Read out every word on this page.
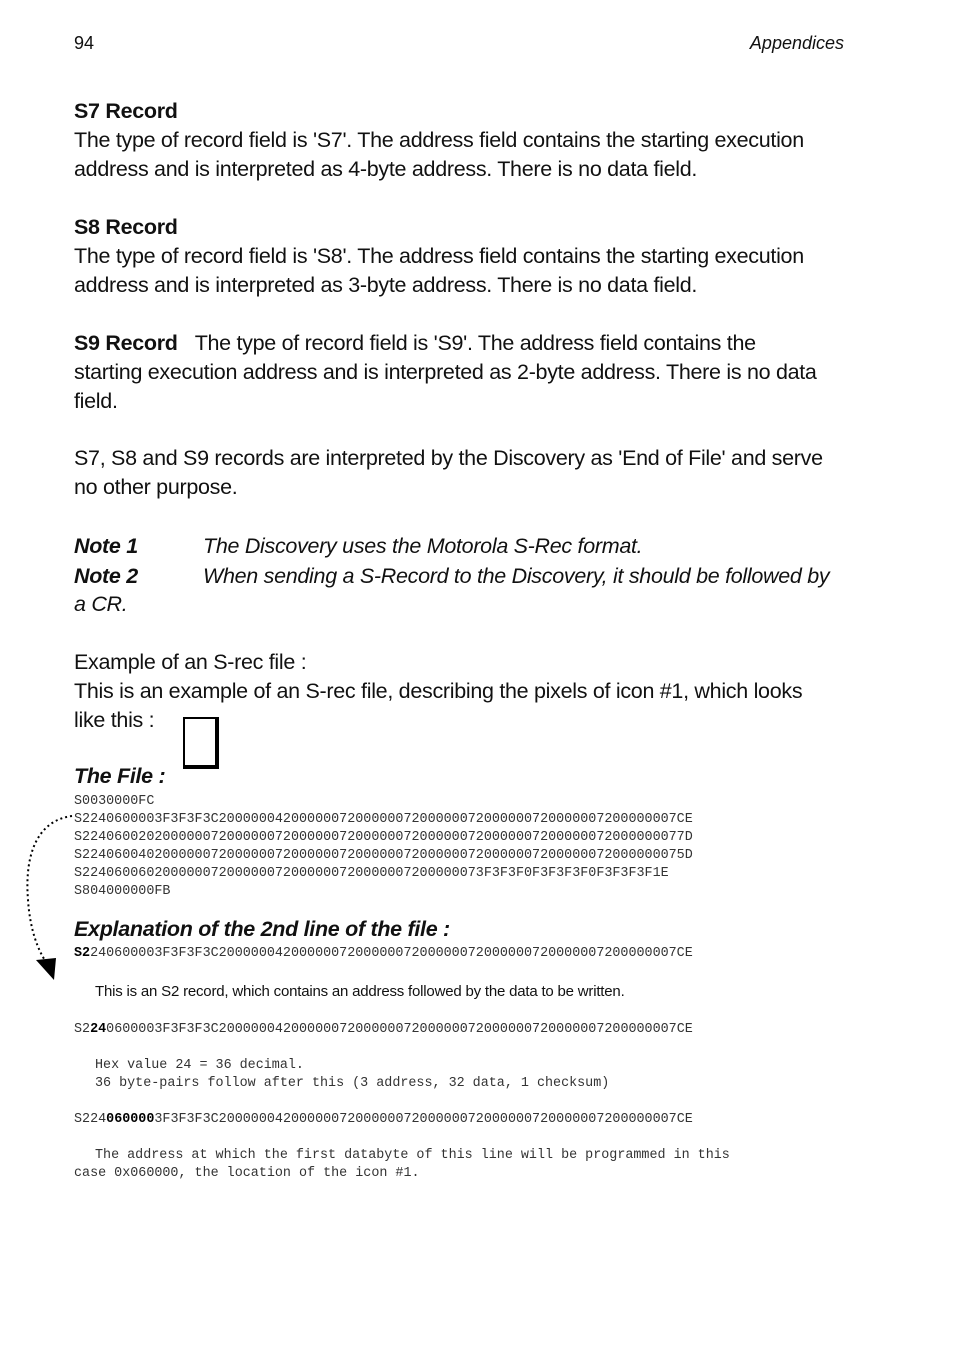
94	Appendices
S7 Record
The type of record field is 'S7'. The address field contains the starting execution
address and is interpreted as 4-byte address. There is no data field.
S8 Record
The type of record field is 'S8'. The address field contains the starting execution
address and is interpreted as 3-byte address. There is no data field.
S9 Record The type of record field is 'S9'. The address field contains the
starting execution address and is interpreted as 2-byte address. There is no data
field.
S7, S8 and S9 records are interpreted by the Discovery as 'End of File' and serve
no other purpose.
Note 1	The Discovery uses the Motorola S-Rec format.
Note 2	When sending a S-Record to the Discovery, it should be followed by
a CR.
Example of an S-rec file :
This is an example of an S-rec file, describing the pixels of icon #1, which looks
like this :
The File :
S0030000FC
S2240600003F3F3F3C200000042000000720000007200000072000000720000007200000007CE
S224060020200000072000000720000007200000072000000720000007200000072000000077D
S224060040200000072000000720000007200000072000000720000007200000072000000075D
S22406006020000007200000072000000720000007200000073F3F3F0F3F3F3F0F3F3F3F1E
S804000000FB
Explanation of the 2nd line of the file :
S2240600003F3F3F3C200000042000000720000007200000072000000720000007200000007CE
This is an S2 record, which contains an address followed by the data to be written.
S2240600003F3F3F3C200000042000000720000007200000072000000720000007200000007CE
Hex value 24 = 36 decimal.
36 byte-pairs follow after this (3 address, 32 data, 1 checksum)
S2240600003F3F3F3C200000042000000720000007200000072000000720000007200000007CE
The address at which the first databyte of this line will be programmed in this
case 0x060000, the location of the icon #1.
